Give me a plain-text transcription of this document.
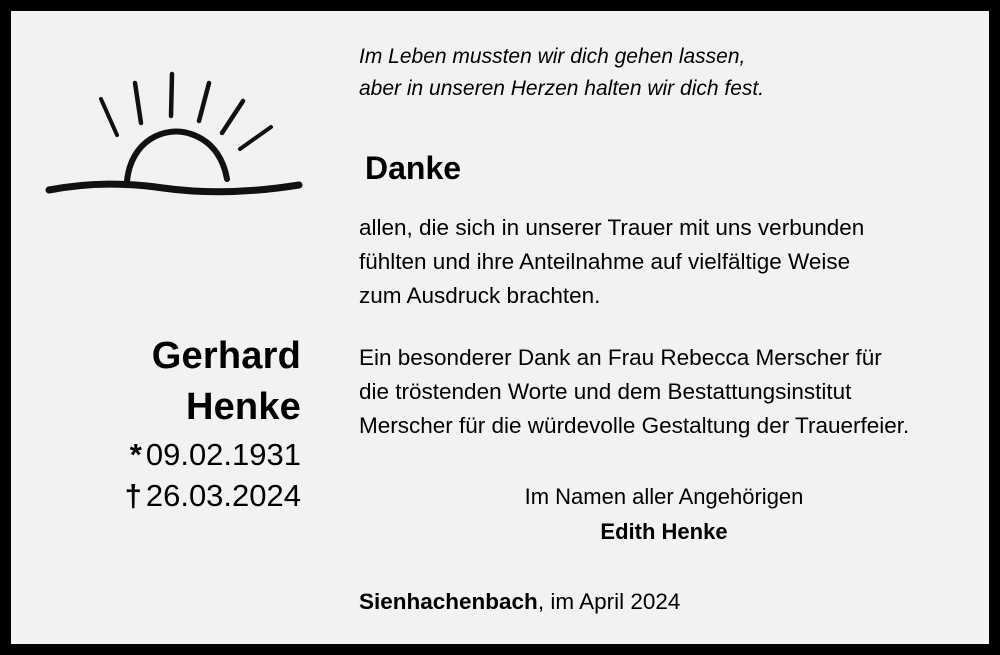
Gerhard
Henke
* 09.02.1931
† 26.03.2024
Im Leben mussten wir dich gehen lassen,
aber in unseren Herzen halten wir dich fest.
Danke
allen, die sich in unserer Trauer mit uns verbunden
fühlten und ihre Anteilnahme auf vielfältige Weise
zum Ausdruck brachten.
Ein besonderer Dank an Frau Rebecca Merscher für
die tröstenden Worte und dem Bestattungsinstitut
Merscher für die würdevolle Gestaltung der Trauerfeier.
Im Namen aller Angehörigen
Edith Henke
Sienhachenbach, im April 2024
